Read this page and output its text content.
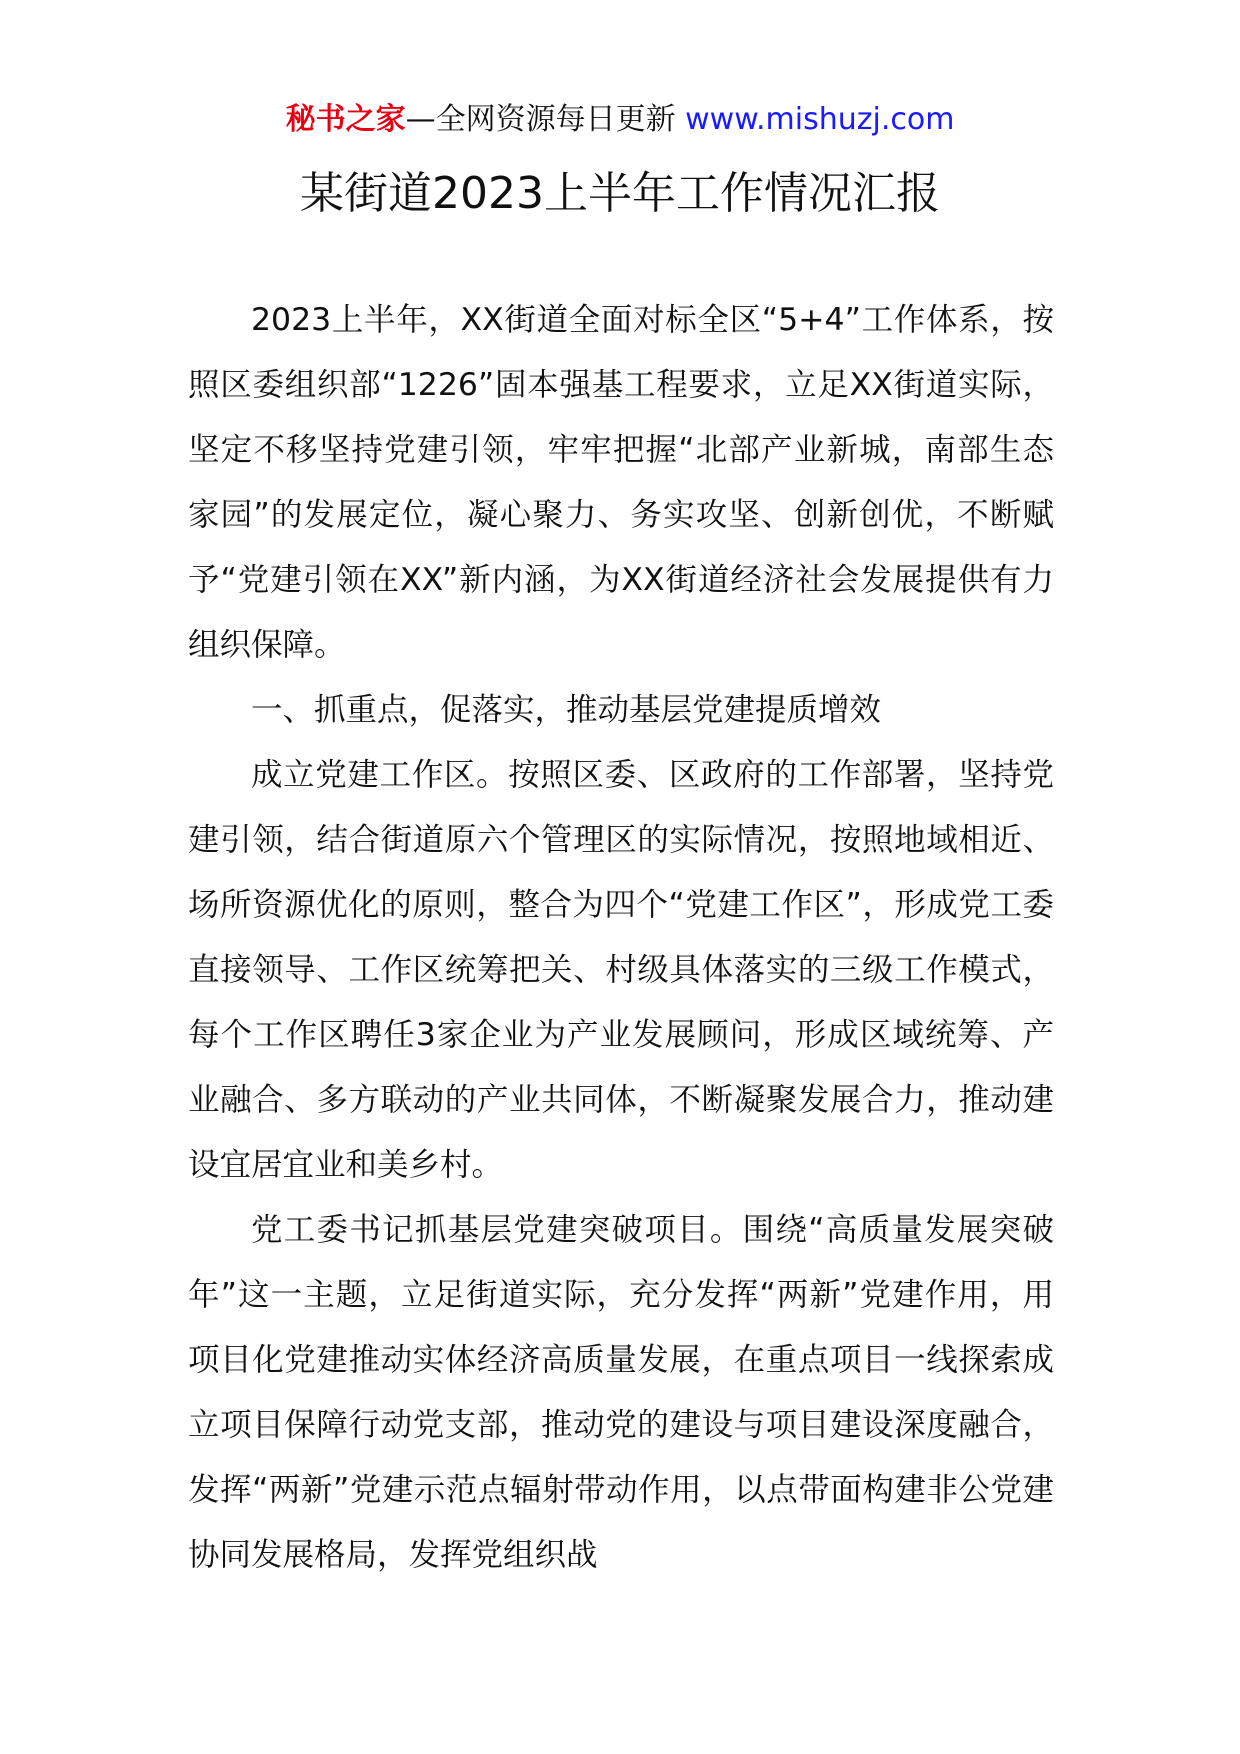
秘书之家—全网资源每日更新 www.mishuzj.com
某街道2023上半年工作情况汇报

2023上半年，XX街道全面对标全区“5+4”工作体系，按照区委组织部“1226”固本强基工程要求，立足XX街道实际，坚定不移坚持党建引领，牢牢把握“北部产业新城，南部生态家园”的发展定位，凝心聚力、务实攻坚、创新创优，不断赋予“党建引领在XX”新内涵，为XX街道经济社会发展提供有力组织保障。

一、抓重点，促落实，推动基层党建提质增效

成立党建工作区。按照区委、区政府的工作部署，坚持党建引领，结合街道原六个管理区的实际情况，按照地域相近、场所资源优化的原则，整合为四个“党建工作区”，形成党工委直接领导、工作区统筹把关、村级具体落实的三级工作模式，每个工作区聘任3家企业为产业发展顾问，形成区域统筹、产业融合、多方联动的产业共同体，不断凝聚发展合力，推动建设宜居宜业和美乡村。

党工委书记抓基层党建突破项目。围绕“高质量发展突破年”这一主题，立足街道实际，充分发挥“两新”党建作用，用项目化党建推动实体经济高质量发展，在重点项目一线探索成立项目保障行动党支部，推动党的建设与项目建设深度融合，发挥“两新”党建示范点辐射带动作用，以点带面构建非公党建协同发展格局，发挥党组织战
